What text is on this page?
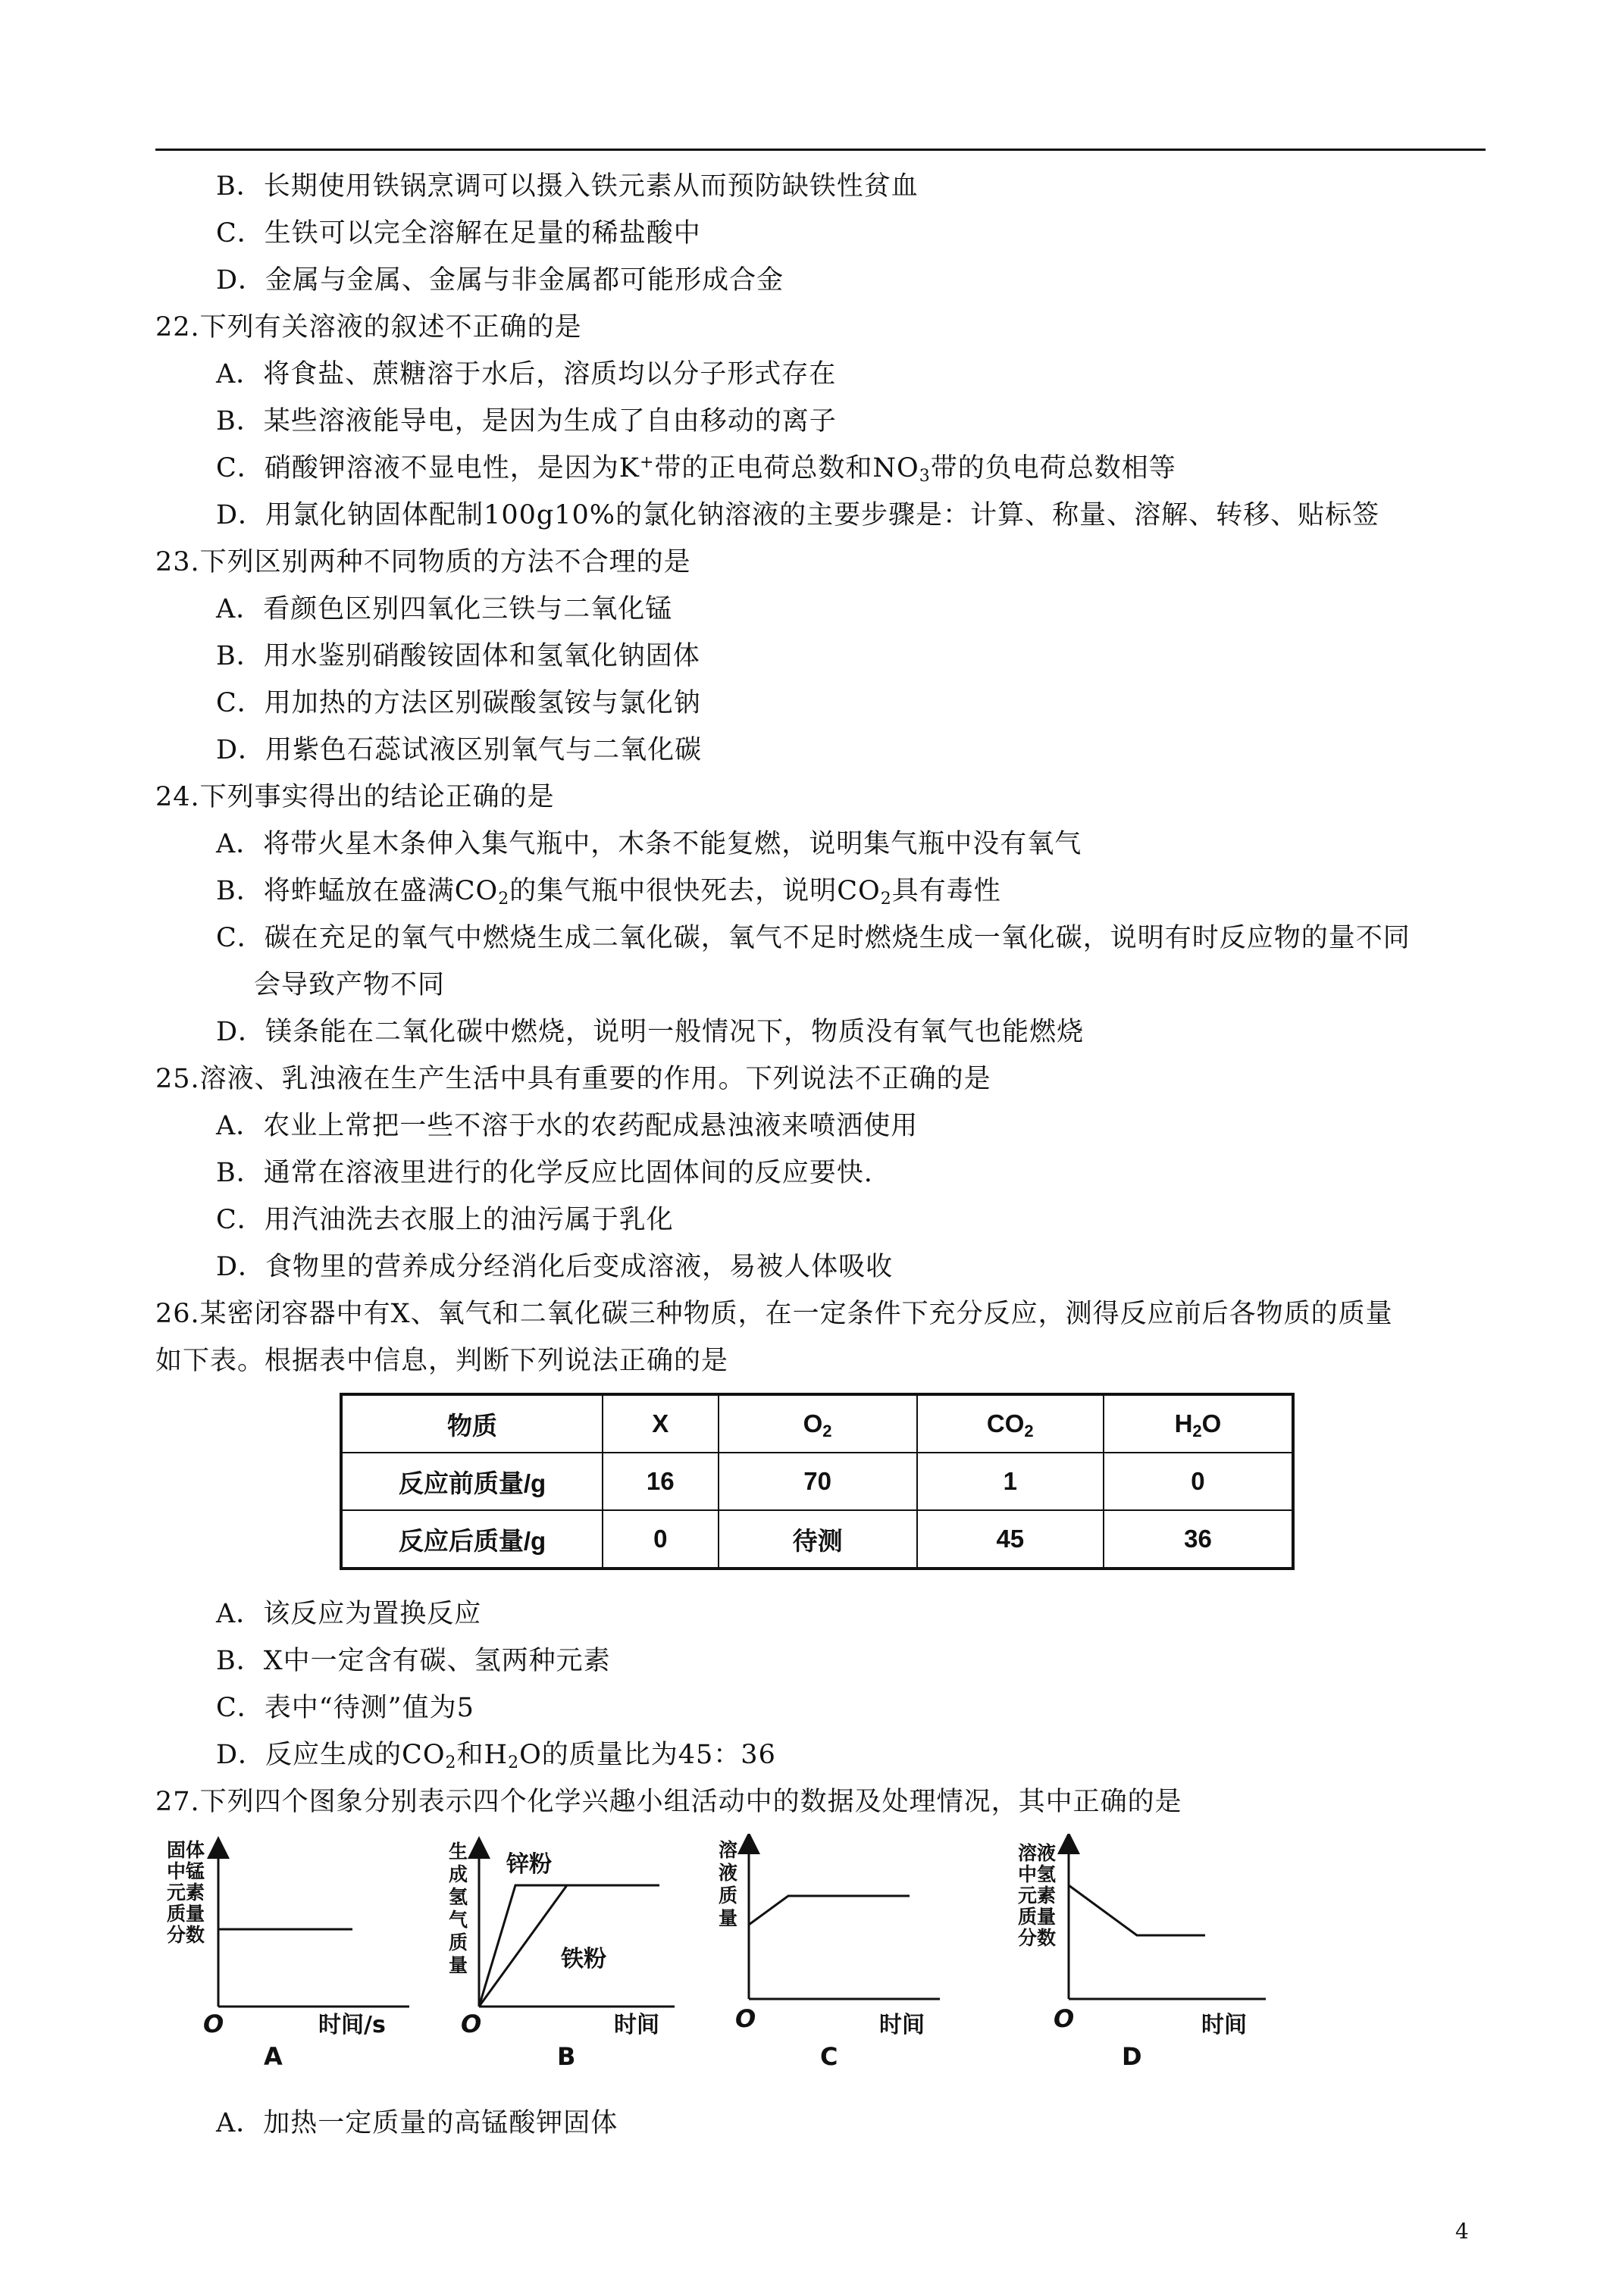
B．长期使用铁锅烹调可以摄入铁元素从而预防缺铁性贫血
C．生铁可以完全溶解在足量的稀盐酸中
D．金属与金属、金属与非金属都可能形成合金
22.下列有关溶液的叙述不正确的是
A．将食盐、蔗糖溶于水后，溶质均以分子形式存在
B．某些溶液能导电，是因为生成了自由移动的离子
C．硝酸钾溶液不显电性，是因为K+带的正电荷总数和$NO_3$带的负电荷总数相等
D．用氯化钠固体配制100g10%的氯化钠溶液的主要步骤是：计算、称量、溶解、转移、贴标签
23.下列区别两种不同物质的方法不合理的是
A．看颜色区别四氧化三铁与二氧化锰
B．用水鉴别硝酸铵固体和氢氧化钠固体
C．用加热的方法区别碳酸氢铵与氯化钠
D．用紫色石蕊试液区别氧气与二氧化碳
24.下列事实得出的结论正确的是
A．将带火星木条伸入集气瓶中，木条不能复燃，说明集气瓶中没有氧气
B．将蚱蜢放在盛满$CO_2$的集气瓶中很快死去，说明$CO_2$具有毒性
C．碳在充足的氧气中燃烧生成二氧化碳，氧气不足时燃烧生成一氧化碳，说明有时反应物的量不同
会导致产物不同
D．镁条能在二氧化碳中燃烧，说明一般情况下，物质没有氧气也能燃烧
25.溶液、乳浊液在生产生活中具有重要的作用。下列说法不正确的是
A．农业上常把一些不溶于水的农药配成悬浊液来喷洒使用
B．通常在溶液里进行的化学反应比固体间的反应要快.
C．用汽油洗去衣服上的油污属于乳化
D．食物里的营养成分经消化后变成溶液，易被人体吸收
26.某密闭容器中有X、氧气和二氧化碳三种物质，在一定条件下充分反应，测得反应前后各物质的质量
如下表。根据表中信息，判断下列说法正确的是
物质	X	$O_2$	$CO_2$	$H_2O$
反应前质量/g	16	70	1	0
反应后质量/g	0	待测	45	36
A．该反应为置换反应
B．X中一定含有碳、氢两种元素
C．表中“待测”值为5
D．反应生成的$CO_2$和$H_2O$的质量比为45：36
27.下列四个图象分别表示四个化学兴趣小组活动中的数据及处理情况，其中正确的是
固体
中锰
元素
质量
分数
O	时间/s
A
生
成
氢
气
质
量
锌粉
铁粉
O	时间
B
溶
液
质
量
O	时间
C
溶液
中氢
元素
质量
分数
O	时间
D
A．加热一定质量的高锰酸钾固体
4
